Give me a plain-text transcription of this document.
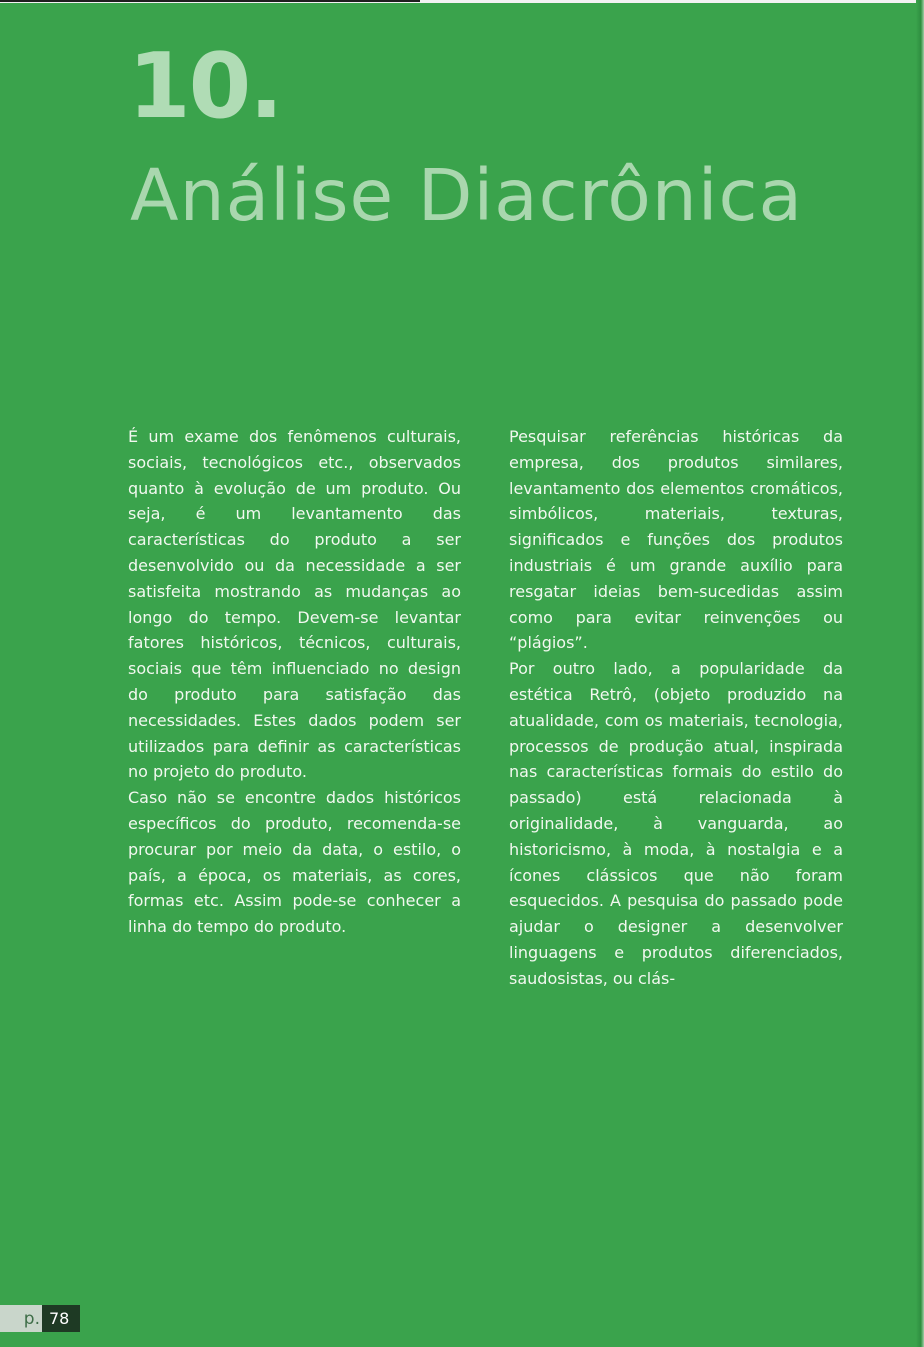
10.
Análise Diacrônica

É um exame dos fenômenos culturais, sociais, tecnológicos etc., observados quanto à evolução de um produto. Ou seja, é um levantamento das características do produto a ser desenvolvido ou da necessidade a ser satisfeita mostrando as mudanças ao longo do tempo. Devem-se levantar fatores históricos, técnicos, culturais, sociais que têm influenciado no design do produto para satisfação das necessidades. Estes dados podem ser utilizados para definir as características no projeto do produto.

Caso não se encontre dados históricos específicos do produto, recomenda-se procurar por meio da data, o estilo, o país, a época, os materiais, as cores, formas etc. Assim pode-se conhecer a linha do tempo do produto.

Pesquisar referências históricas da empresa, dos produtos similares, levantamento dos elementos cromáticos, simbólicos, materiais, texturas, significados e funções dos produtos industriais é um grande auxílio para resgatar ideias bem-sucedidas assim como para evitar reinvenções ou “plágios”.

Por outro lado, a popularidade da estética Retrô, (objeto produzido na atualidade, com os materiais, tecnologia, processos de produção atual, inspirada nas características formais do estilo do passado) está relacionada à originalidade, à vanguarda, ao historicismo, à moda, à nostalgia e a ícones clássicos que não foram esquecidos. A pesquisa do passado pode ajudar o designer a desenvolver linguagens e produtos diferenciados, saudosistas, ou clás-

p. 78
